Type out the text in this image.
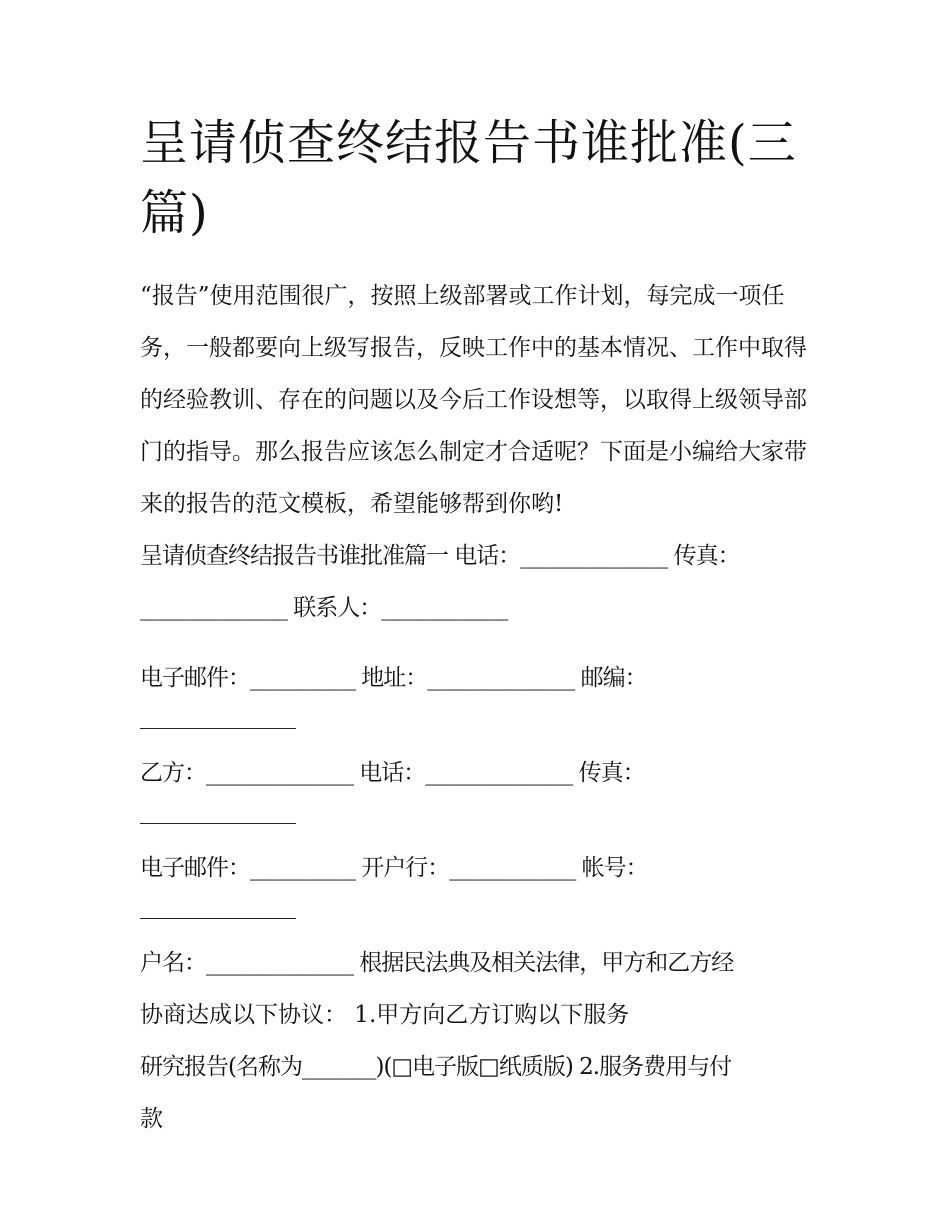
呈请侦查终结报告书谁批准(三篇)

“报告”使用范围很广，按照上级部署或工作计划，每完成一项任务，一般都要向上级写报告，反映工作中的基本情况、工作中取得的经验教训、存在的问题以及今后工作设想等，以取得上级领导部门的指导。那么报告应该怎么制定才合适呢？下面是小编给大家带来的报告的范文模板，希望能够帮到你哟!

呈请侦查终结报告书谁批准篇一 电话：______________ 传真：

______________ 联系人：____________

电子邮件：__________ 地址：______________ 邮编：

乙方：______________ 电话：______________ 传真：

电子邮件：__________ 开户行：____________ 帐号：

户名：______________ 根据民法典及相关法律，甲方和乙方经

协商达成以下协议： 1.甲方向乙方订购以下服务

研究报告(名称为_______)(□电子版□纸质版) 2.服务费用与付

款
